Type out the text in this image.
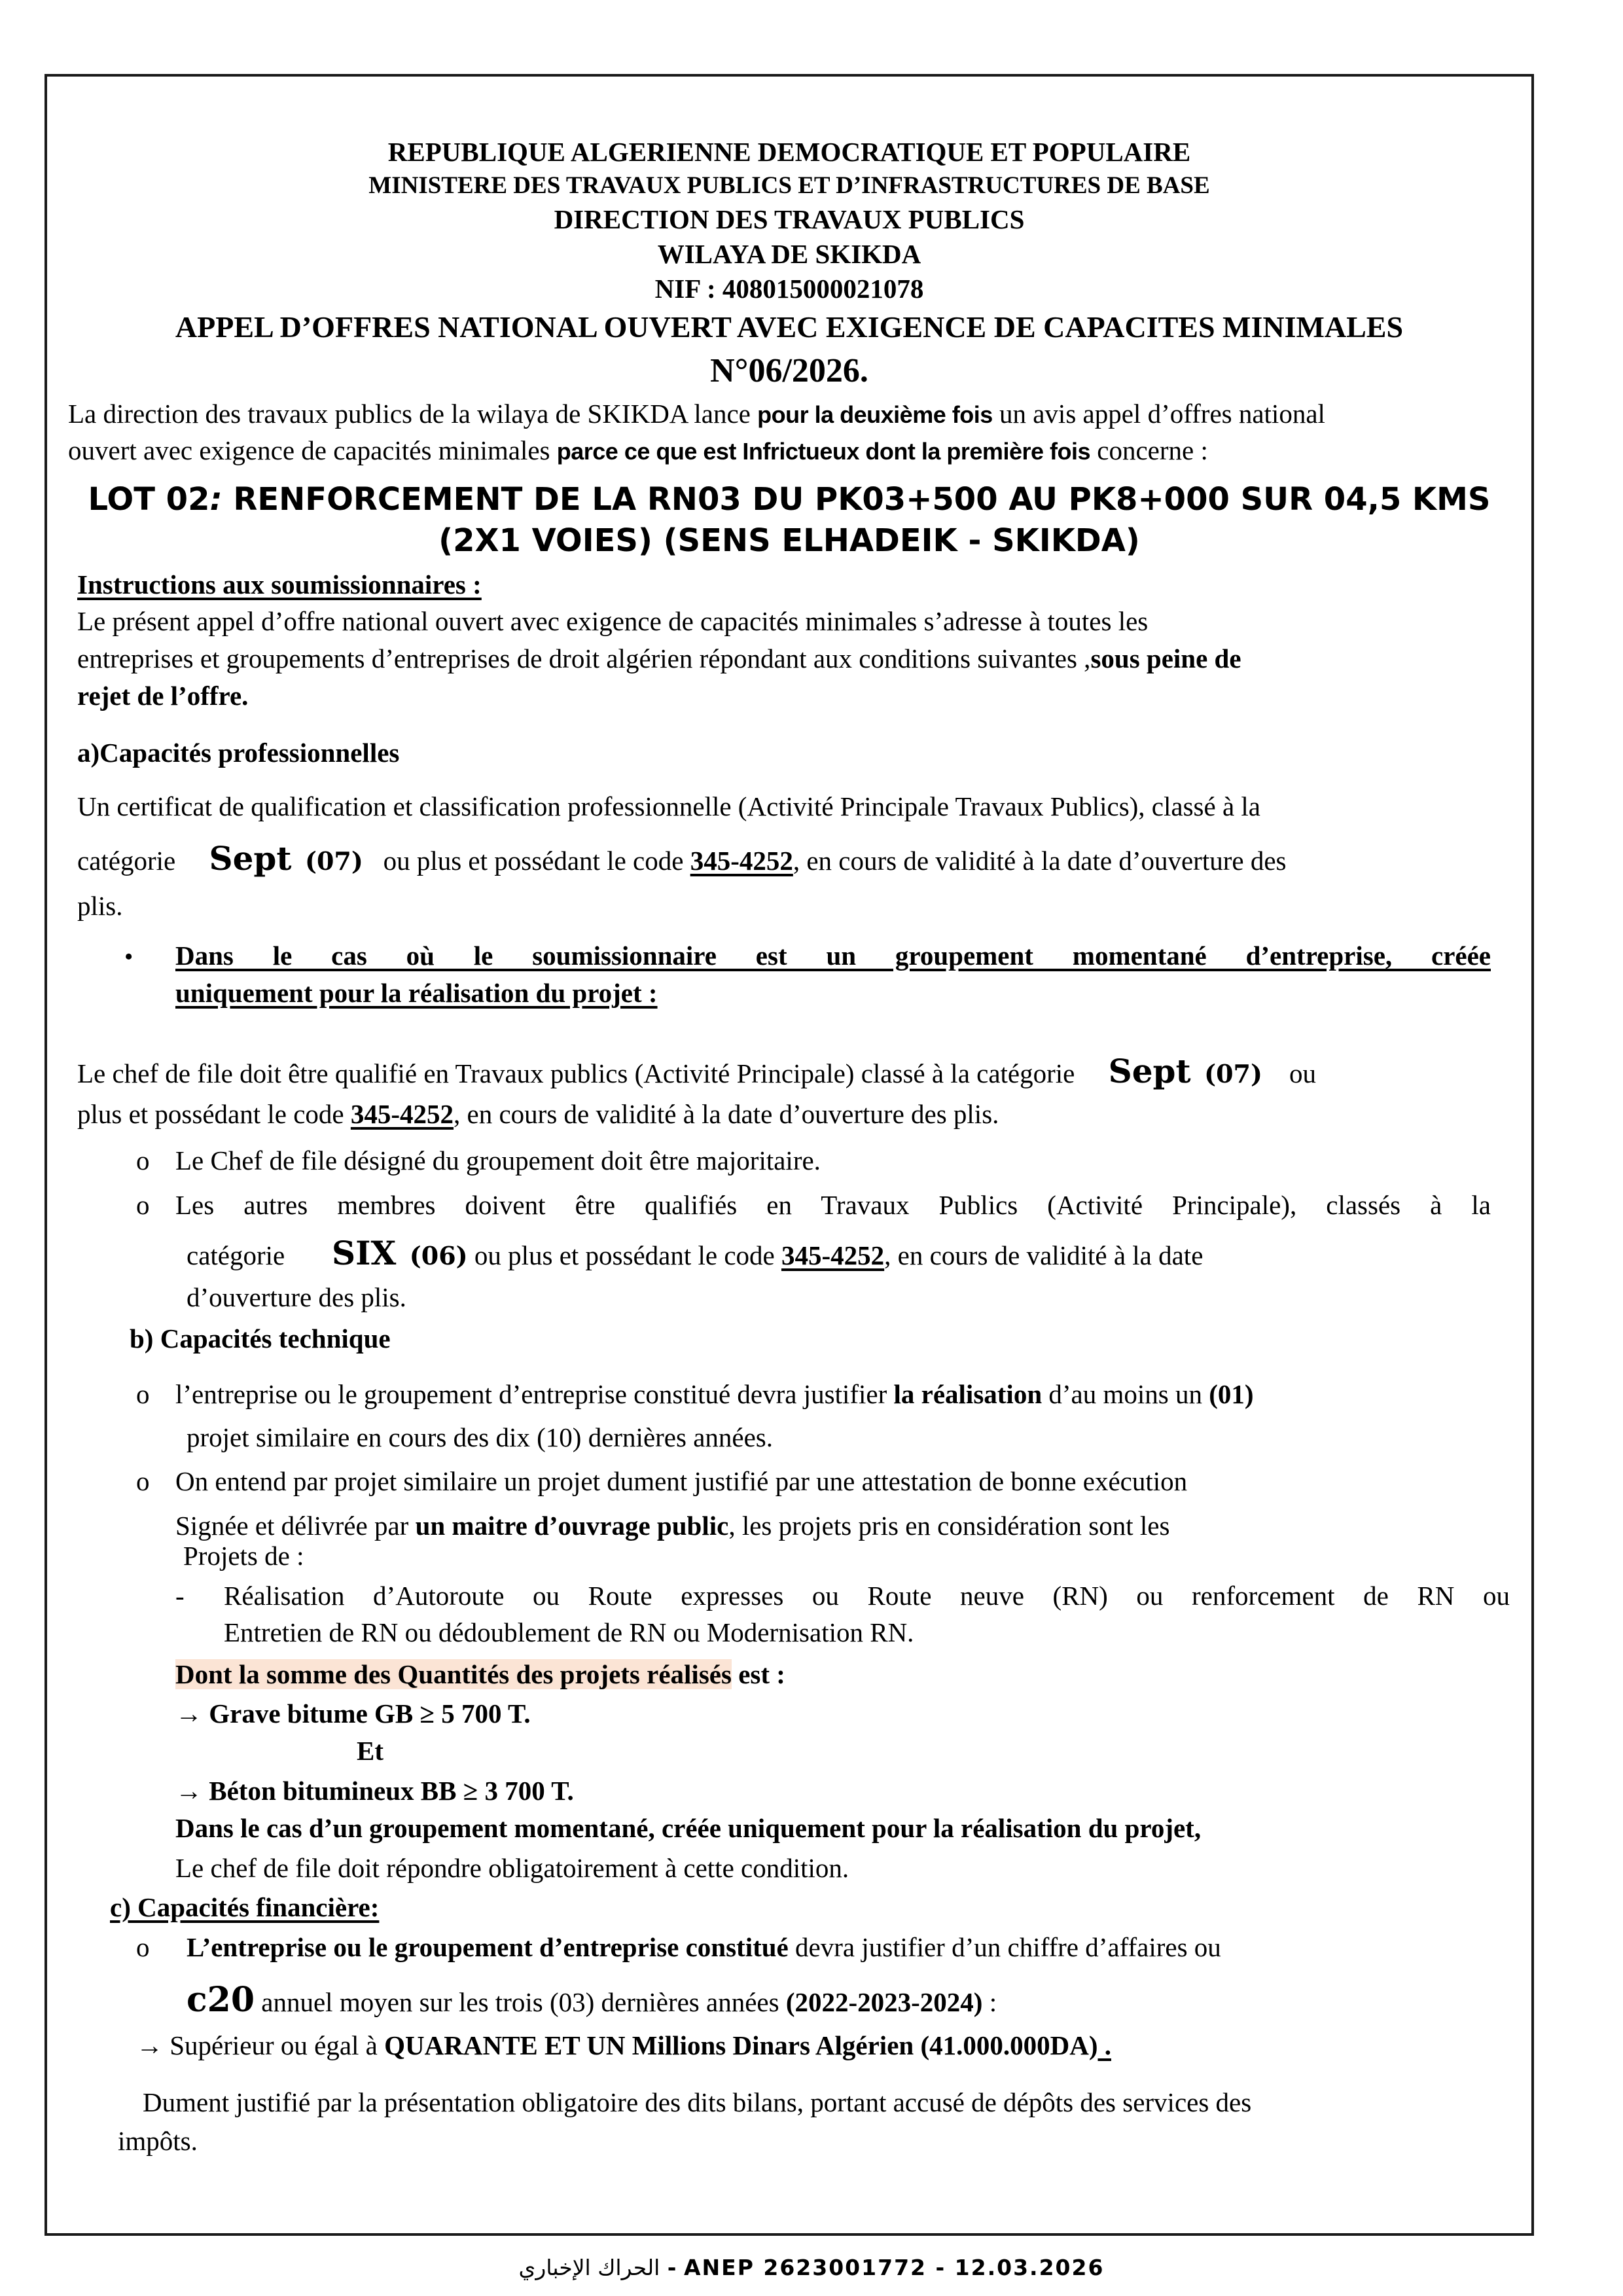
REPUBLIQUE ALGERIENNE DEMOCRATIQUE ET POPULAIRE
MINISTERE DES TRAVAUX PUBLICS ET D’INFRASTRUCTURES DE BASE
DIRECTION DES TRAVAUX PUBLICS
WILAYA DE SKIKDA
NIF : 408015000021078
APPEL D’OFFRES NATIONAL OUVERT AVEC EXIGENCE DE CAPACITES MINIMALES
N°06/2026.
La direction des travaux publics de la wilaya de SKIKDA lance pour la deuxième fois un avis appel d’offres national
ouvert avec exigence de capacités minimales parce ce que est Infrictueux dont la première fois concerne :
LOT 02: RENFORCEMENT DE LA RN03 DU PK03+500 AU PK8+000 SUR 04,5 KMS
(2X1 VOIES) (SENS ELHADEIK - SKIKDA)
Instructions aux soumissionnaires :
Le présent appel d’offre national ouvert avec exigence de capacités minimales s’adresse à toutes les
entreprises et groupements d’entreprises de droit algérien répondant aux conditions suivantes ,sous peine de
rejet de l’offre.
a)Capacités professionnelles
Un certificat de qualification et classification professionnelle (Activité Principale Travaux Publics), classé à la
catégorie Sept (07) ou plus et possédant le code 345-4252, en cours de validité à la date d’ouverture des
plis.
• Dans le cas où le soumissionnaire est un groupement momentané d’entreprise, créée
uniquement pour la réalisation du projet :
Le chef de file doit être qualifié en Travaux publics (Activité Principale) classé à la catégorie Sept (07) ou
plus et possédant le code 345-4252, en cours de validité à la date d’ouverture des plis.
o Le Chef de file désigné du groupement doit être majoritaire.
o Les autres membres doivent être qualifiés en Travaux Publics (Activité Principale), classés à la
catégorie SIX (06) ou plus et possédant le code 345-4252, en cours de validité à la date
d’ouverture des plis.
b) Capacités technique
o l’entreprise ou le groupement d’entreprise constitué devra justifier la réalisation d’au moins un (01)
projet similaire en cours des dix (10) dernières années.
o On entend par projet similaire un projet dument justifié par une attestation de bonne exécution
Signée et délivrée par un maitre d’ouvrage public, les projets pris en considération sont les
Projets de :
- Réalisation d’Autoroute ou Route expresses ou Route neuve (RN) ou renforcement de RN ou
Entretien de RN ou dédoublement de RN ou Modernisation RN.
Dont la somme des Quantités des projets réalisés est :
→ Grave bitume GB ≥ 5 700 T.
Et
→ Béton bitumineux BB ≥ 3 700 T.
Dans le cas d’un groupement momentané, créée uniquement pour la réalisation du projet,
Le chef de file doit répondre obligatoirement à cette condition.
c) Capacités financière:
o L’entreprise ou le groupement d’entreprise constitué devra justifier d’un chiffre d’affaires ou
c20 annuel moyen sur les trois (03) dernières années (2022-2023-2024) :
→ Supérieur ou égal à QUARANTE ET UN Millions Dinars Algérien (41.000.000DA) .
Dument justifié par la présentation obligatoire des dits bilans, portant accusé de dépôts des services des
impôts.
الحراك الإخباري - ANEP 2623001772 - 12.03.2026
